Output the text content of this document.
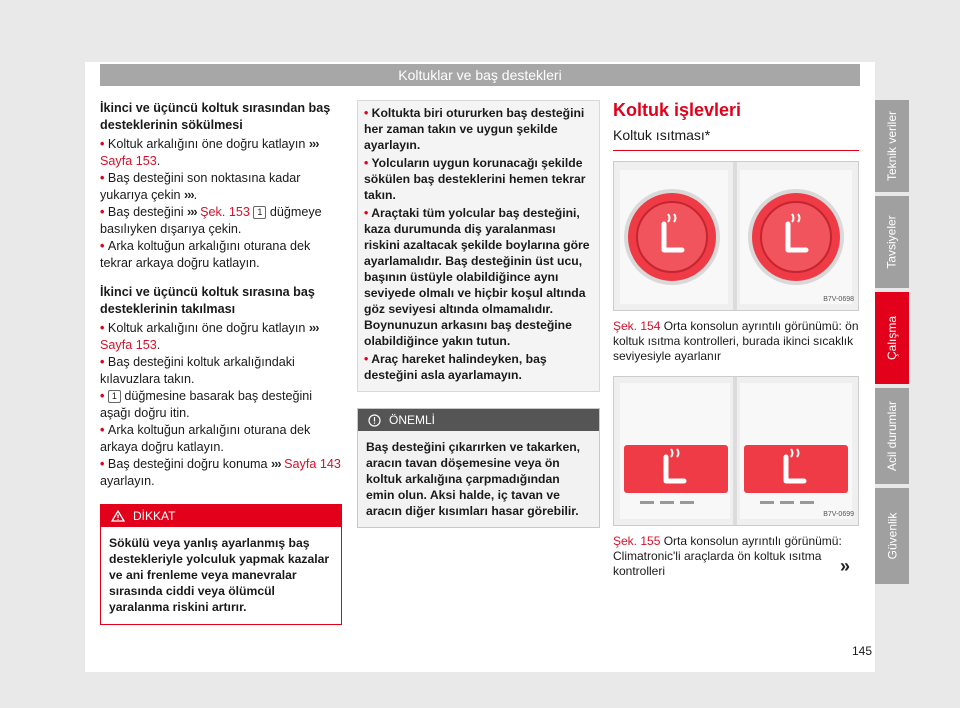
Koltuklar ve baş destekleri
İkinci ve üçüncü koltuk sırasından baş desteklerinin sökülmesi
• Koltuk arkalığını öne doğru katlayın ››› Sayfa 153.
• Baş desteğini son noktasına kadar yukarıya çekin ›››.
• Baş desteğini ››› Şek. 153 1 düğmeye basılıyken dışarıya çekin.
• Arka koltuğun arkalığını oturana dek tekrar arkaya doğru katlayın.
İkinci ve üçüncü koltuk sırasına baş desteklerinin takılması
• Koltuk arkalığını öne doğru katlayın ››› Sayfa 153.
• Baş desteğini koltuk arkalığındaki kılavuzlara takın.
• 1 düğmesine basarak baş desteğini aşağı doğru itin.
• Arka koltuğun arkalığını oturana dek arkaya doğru katlayın.
• Baş desteğini doğru konuma ››› Sayfa 143 ayarlayın.
DİKKAT
Sökülü veya yanlış ayarlanmış baş destekleriyle yolculuk yapmak kazalar ve ani frenleme veya manevralar sırasında ciddi veya ölümcül yaralanma riskini artırır.

• Koltukta biri otururken baş desteğini her zaman takın ve uygun şekilde ayarlayın.

• Yolcuların uygun korunacağı şekilde sökülen baş desteklerini hemen tekrar takın.

• Araçtaki tüm yolcular baş desteğini, kaza durumunda diş yaralanması riskini azaltacak şekilde boylarına göre ayarlamalıdır. Baş desteğinin üst ucu, başının üstüyle olabildiğince aynı seviyede olmalı ve hiçbir koşul altında göz seviyesi altında olmamalıdır. Boynunuzun arkasını baş desteğine olabildiğince yakın tutun.

• Araç hareket halindeyken, baş desteğini asla ayarlamayın.

ÖNEMLİ
Baş desteğini çıkarırken ve takarken, aracın tavan döşemesine veya ön koltuk arkalığına çarpmadığından emin olun. Aksi halde, iç tavan ve aracın diğer kısımları hasar görebilir.
Koltuk işlevleri
Koltuk ısıtması*
B7V-0698
Şek. 154 Orta konsolun ayrıntılı görünümü: ön koltuk ısıtma kontrolleri, burada ikinci sıcaklık seviyesiyle ayarlanır
B7V-0699
Şek. 155 Orta konsolun ayrıntılı görünümü: Climatronic'li araçlarda ön koltuk ısıtma kontrolleri	»
Teknik veriler
Tavsiyeler
Çalışma
Acil durumlar
Güvenlik
145
